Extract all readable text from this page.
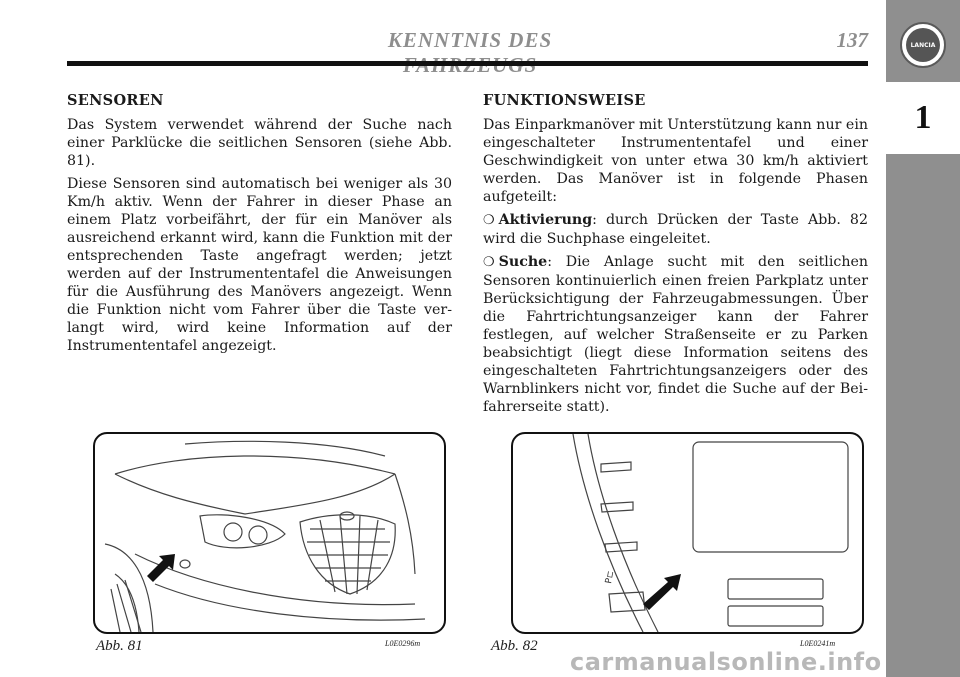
KENNTNIS DES	137	LANCIA
1
SENSOREN

Das System verwendet während der Suche nach einer Parklücke die seitlichen Sensoren (siehe Abb. 81).

Diese Sensoren sind automatisch bei weniger als 30 Km/h aktiv. Wenn der Fahrer in dieser Phase an einem Platz vorbeifährt, der für ein Manöver als ausreichend erkannt wird, kann die Funktion mit der entsprechenden Taste angefragt werden; jetzt werden auf der Instrumententafel die Anweisungen für die Ausführung des Manövers angezeigt. Wenn die Funktion nicht vom Fahrer über die Taste verlangt wird, wird keine Information auf der Instrumententafel angezeigt.

FUNKTIONSWEISE

Das Einparkmanöver mit Unterstützung kann nur ein eingeschalteter Instrumententafel und einer Geschwindigkeit von unter etwa 30 km/h aktiviert werden. Das Manöver ist in folgende Phasen aufgeteilt:

❍ Aktivierung: durch Drücken der Taste Abb. 82 wird die Suchphase eingeleitet.

❍ Suche: Die Anlage sucht mit den seitlichen Sensoren kontinuierlich einen freien Parkplatz unter Berücksichtigung der Fahrzeugabmessungen. Über die Fahrtrichtungsanzeiger kann der Fahrer festlegen, auf welcher Straßenseite er zu Parken beabsichtigt (liegt diese Information seitens des eingeschalteten Fahrtrichtungsanzeigers oder des Warnblinkers nicht vor, findet die Suche auf der Beifahrerseite statt).

Abb. 81	L0E0296m
P⊏
Abb. 82	L0E0241m
carmanualsonline.info
